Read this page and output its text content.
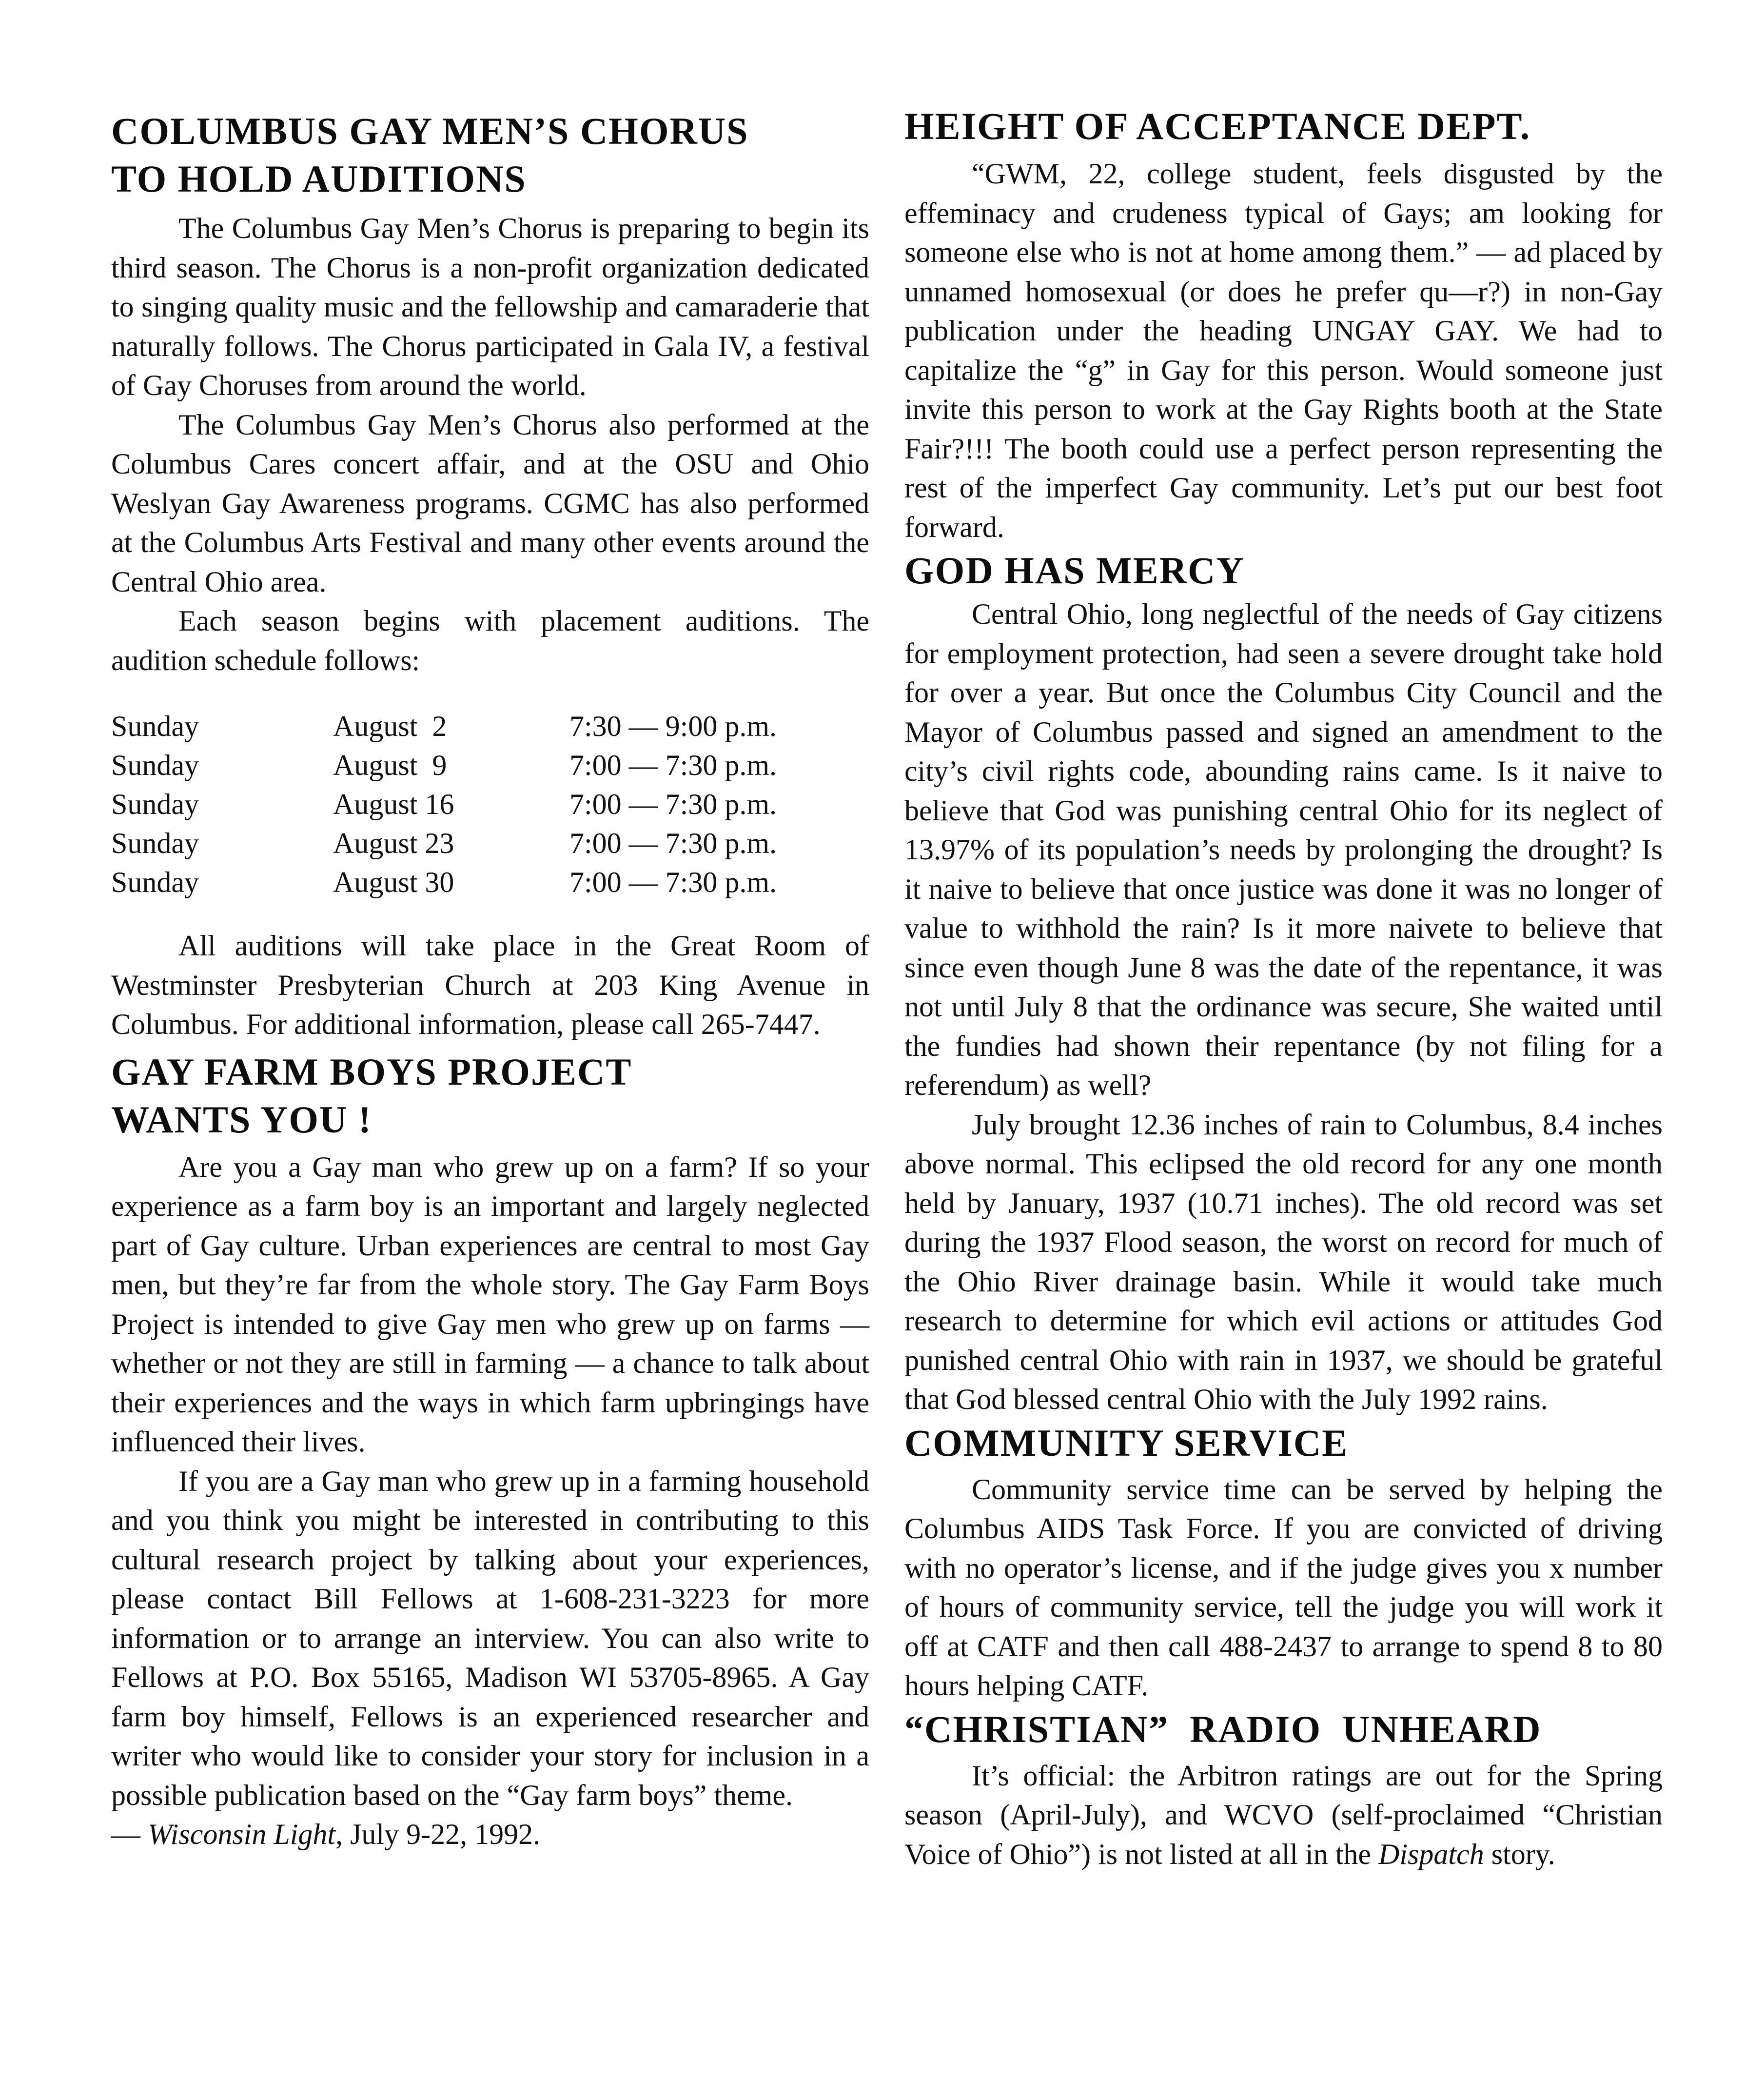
COLUMBUS GAY MEN’S CHORUS
TO HOLD AUDITIONS

The Columbus Gay Men’s Chorus is preparing to begin its third season. The Chorus is a non-profit organization dedicated to singing quality music and the fellowship and camaraderie that naturally follows. The Chorus participated in Gala IV, a festival of Gay Choruses from around the world.

The Columbus Gay Men’s Chorus also performed at the Columbus Cares concert affair, and at the OSU and Ohio Weslyan Gay Awareness programs. CGMC has also performed at the Columbus Arts Festival and many other events around the Central Ohio area.

Each season begins with placement auditions. The audition schedule follows:

Sunday	August  2	7:30 — 9:00 p.m.
Sunday	August  9	7:00 — 7:30 p.m.
Sunday	August 16	7:00 — 7:30 p.m.
Sunday	August 23	7:00 — 7:30 p.m.
Sunday	August 30	7:00 — 7:30 p.m.

All auditions will take place in the Great Room of Westminster Presbyterian Church at 203 King Avenue in Columbus. For additional information, please call 265-7447.

GAY FARM BOYS PROJECT
WANTS YOU !

Are you a Gay man who grew up on a farm? If so your experience as a farm boy is an important and largely neglected part of Gay culture. Urban experiences are central to most Gay men, but they’re far from the whole story. The Gay Farm Boys Project is intended to give Gay men who grew up on farms — whether or not they are still in farming — a chance to talk about their experiences and the ways in which farm upbringings have influenced their lives.

If you are a Gay man who grew up in a farming household and you think you might be interested in contributing to this cultural research project by talking about your experiences, please contact Bill Fellows at 1-608-231-3223 for more information or to arrange an interview. You can also write to Fellows at P.O. Box 55165, Madison WI 53705-8965. A Gay farm boy himself, Fellows is an experienced researcher and writer who would like to consider your story for inclusion in a possible publication based on the “Gay farm boys” theme.

— Wisconsin Light, July 9-22, 1992.
HEIGHT OF ACCEPTANCE DEPT.

“GWM, 22, college student, feels disgusted by the effeminacy and crudeness typical of Gays; am looking for someone else who is not at home among them.” — ad placed by unnamed homosexual (or does he prefer qu—r?) in non-Gay publication under the heading UNGAY GAY. We had to capitalize the “g” in Gay for this person. Would someone just invite this person to work at the Gay Rights booth at the State Fair?!!! The booth could use a perfect person representing the rest of the imperfect Gay community. Let’s put our best foot forward.

GOD HAS MERCY

Central Ohio, long neglectful of the needs of Gay citizens for employment protection, had seen a severe drought take hold for over a year. But once the Columbus City Council and the Mayor of Columbus passed and signed an amendment to the city’s civil rights code, abounding rains came. Is it naive to believe that God was punishing central Ohio for its neglect of 13.97% of its population’s needs by prolonging the drought? Is it naive to believe that once justice was done it was no longer of value to withhold the rain? Is it more naivete to believe that since even though June 8 was the date of the repentance, it was not until July 8 that the ordinance was secure, She waited until the fundies had shown their repentance (by not filing for a referendum) as well?

July brought 12.36 inches of rain to Columbus, 8.4 inches above normal. This eclipsed the old record for any one month held by January, 1937 (10.71 inches). The old record was set during the 1937 Flood season, the worst on record for much of the Ohio River drainage basin. While it would take much research to determine for which evil actions or attitudes God punished central Ohio with rain in 1937, we should be grateful that God blessed central Ohio with the July 1992 rains.

COMMUNITY SERVICE

Community service time can be served by helping the Columbus AIDS Task Force. If you are convicted of driving with no operator’s license, and if the judge gives you x number of hours of community service, tell the judge you will work it off at CATF and then call 488-2437 to arrange to spend 8 to 80 hours helping CATF.

“CHRISTIAN”  RADIO  UNHEARD

It’s official: the Arbitron ratings are out for the Spring season (April-July), and WCVO (self-proclaimed “Christian Voice of Ohio”) is not listed at all in the Dispatch story.
